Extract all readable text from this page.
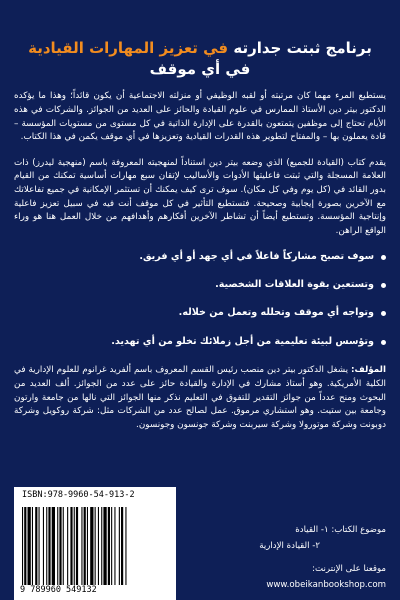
برنامج ثبتت جدارته في تعزيز المهارات القيادية
في أي موقف

يستطيع المرء مهما كان مرتبته أو لقبه الوظيفي أو منزلته الاجتماعية أن يكون قائداً؛ وهذا ما يؤكده الدكتور بيتر دين الأستاذ الممارس في علوم القيادة والحائز على العديد من الجوائز. والشركات في هذه الأيام تحتاج إلى موظفين يتمتعون بالقدرة على الإدارة الذاتية في كل مستوى من مستويات المؤسسة – قادة يعملون بها – والمفتاح لتطوير هذه القدرات القيادية وتعزيزها في أي موقف يكمن في هذا الكتاب.

يقدم كتاب (القيادة للجميع) الذي وضعه بيتر دين استناداً لمنهجيته المعروفة باسم (منهجية ليدرز) ذات العلامة المسجلة والتي ثبتت فاعليتها الأدوات والأساليب لإتقان سبع مهارات أساسية تمكنك من القيام بدور القائد في (كل يوم وفي كل مكان). سوف ترى كيف يمكنك أن تستثمر الإمكانية في جميع تفاعلاتك مع الآخرين بصورة إيجابية وصحيحة. فتستطيع التأثير في كل موقف أنت فيه في سبيل تعزيز فاعلية وإنتاجية المؤسسة. وتستطيع أيضاً أن تشاطر الآخرين أفكارهم وأهدافهم من خلال العمل هنا هو وراء الواقع الراهن.

سوف تصبح مشاركاً فاعلاً في أي جهد أو أي فريق.
وتستعين بقوة العلاقات الشخصية.
وتواجه أي موقف وتحلله وتعمل من خلاله.
وتؤسس لبيئة تعليمية من أجل زملائك تخلو من أي تهديد.

المؤلف: يشغل الدكتور بيتر دين منصب رئيس القسم المعروف باسم ألفريد غرانوم للعلوم الإدارية في الكلية الأمريكية. وهو أستاذ مشارك في الإدارة والقيادة حائز على عدد من الجوائز. ألف العديد من البحوث ومنح عدداً من جوائز التقدير للتفوق في التعليم نذكر منها الجوائز التي نالها من جامعة وارتون وجامعة بين ستيت. وهو استشاري مرموق. عمل لصالح عدد من الشركات مثل: شركة روكويل وشركة دوبونت وشركة موتورولا وشركة سيربنت وشركة جونسون وجونسون.

ISBN:978-9960-54-913-2
9 789960 549132
موضوع الكتاب: ١- القيادة
٢- القيادة الإدارية
موقعنا على الإنترنت:
www.obeikanbookshop.com
